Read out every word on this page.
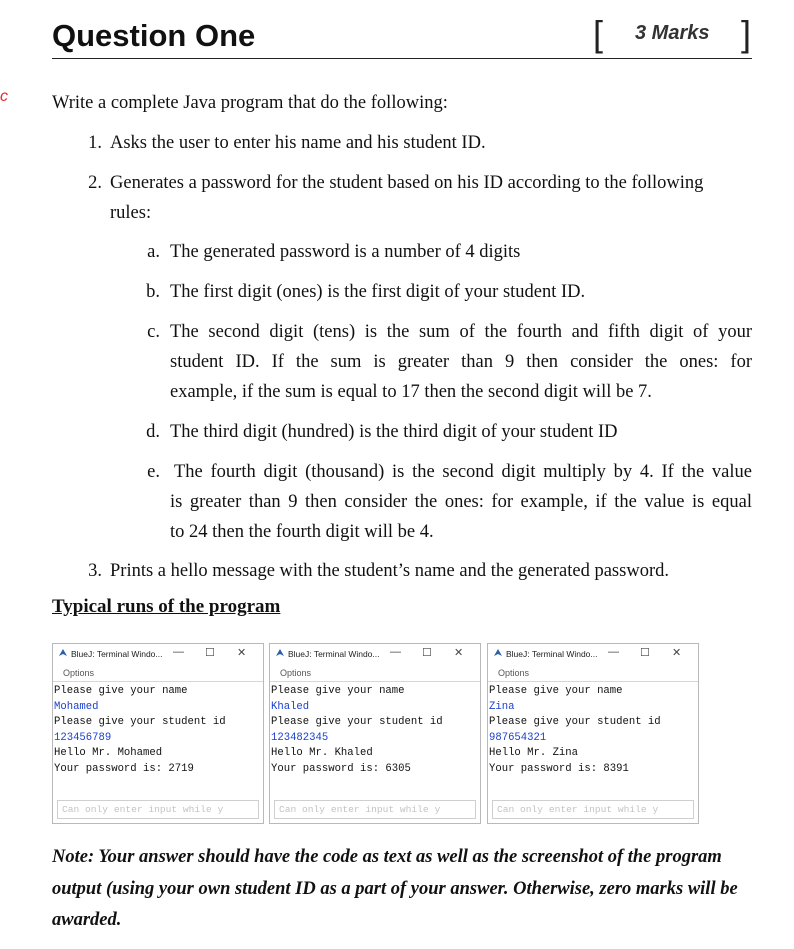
Question One	[ 3 Marks ]
c Write a complete Java program that do the following:
1. Asks the user to enter his name and his student ID.
2. Generates a password for the student based on his ID according to the following
rules:
a. The generated password is a number of 4 digits
b. The first digit (ones) is the first digit of your student ID.
c. The second digit (tens) is the sum of the fourth and fifth digit of your
student ID. If the sum is greater than 9 then consider the ones: for
example, if the sum is equal to 17 then the second digit will be 7.
d. The third digit (hundred) is the third digit of your student ID
e. The fourth digit (thousand) is the second digit multiply by 4. If the value
is greater than 9 then consider the ones: for example, if the value is equal
to 24 then the fourth digit will be 4.
3. Prints a hello message with the student’s name and the generated password.
Typical runs of the program
BlueJ: Terminal Windo... — ☐ ✕
Options
Please give your name
Mohamed
Please give your student id
123456789
Hello Mr. Mohamed
Your password is: 2719
Can only enter input while y
BlueJ: Terminal Windo... — ☐ ✕
Options
Please give your name
Khaled
Please give your student id
123482345
Hello Mr. Khaled
Your password is: 6305
Can only enter input while y
BlueJ: Terminal Windo... — ☐ ✕
Options
Please give your name
Zina
Please give your student id
987654321
Hello Mr. Zina
Your password is: 8391
Can only enter input while y
Note: Your answer should have the code as text as well as the screenshot of the program output (using your own student ID as a part of your answer. Otherwise, zero marks will be awarded.
